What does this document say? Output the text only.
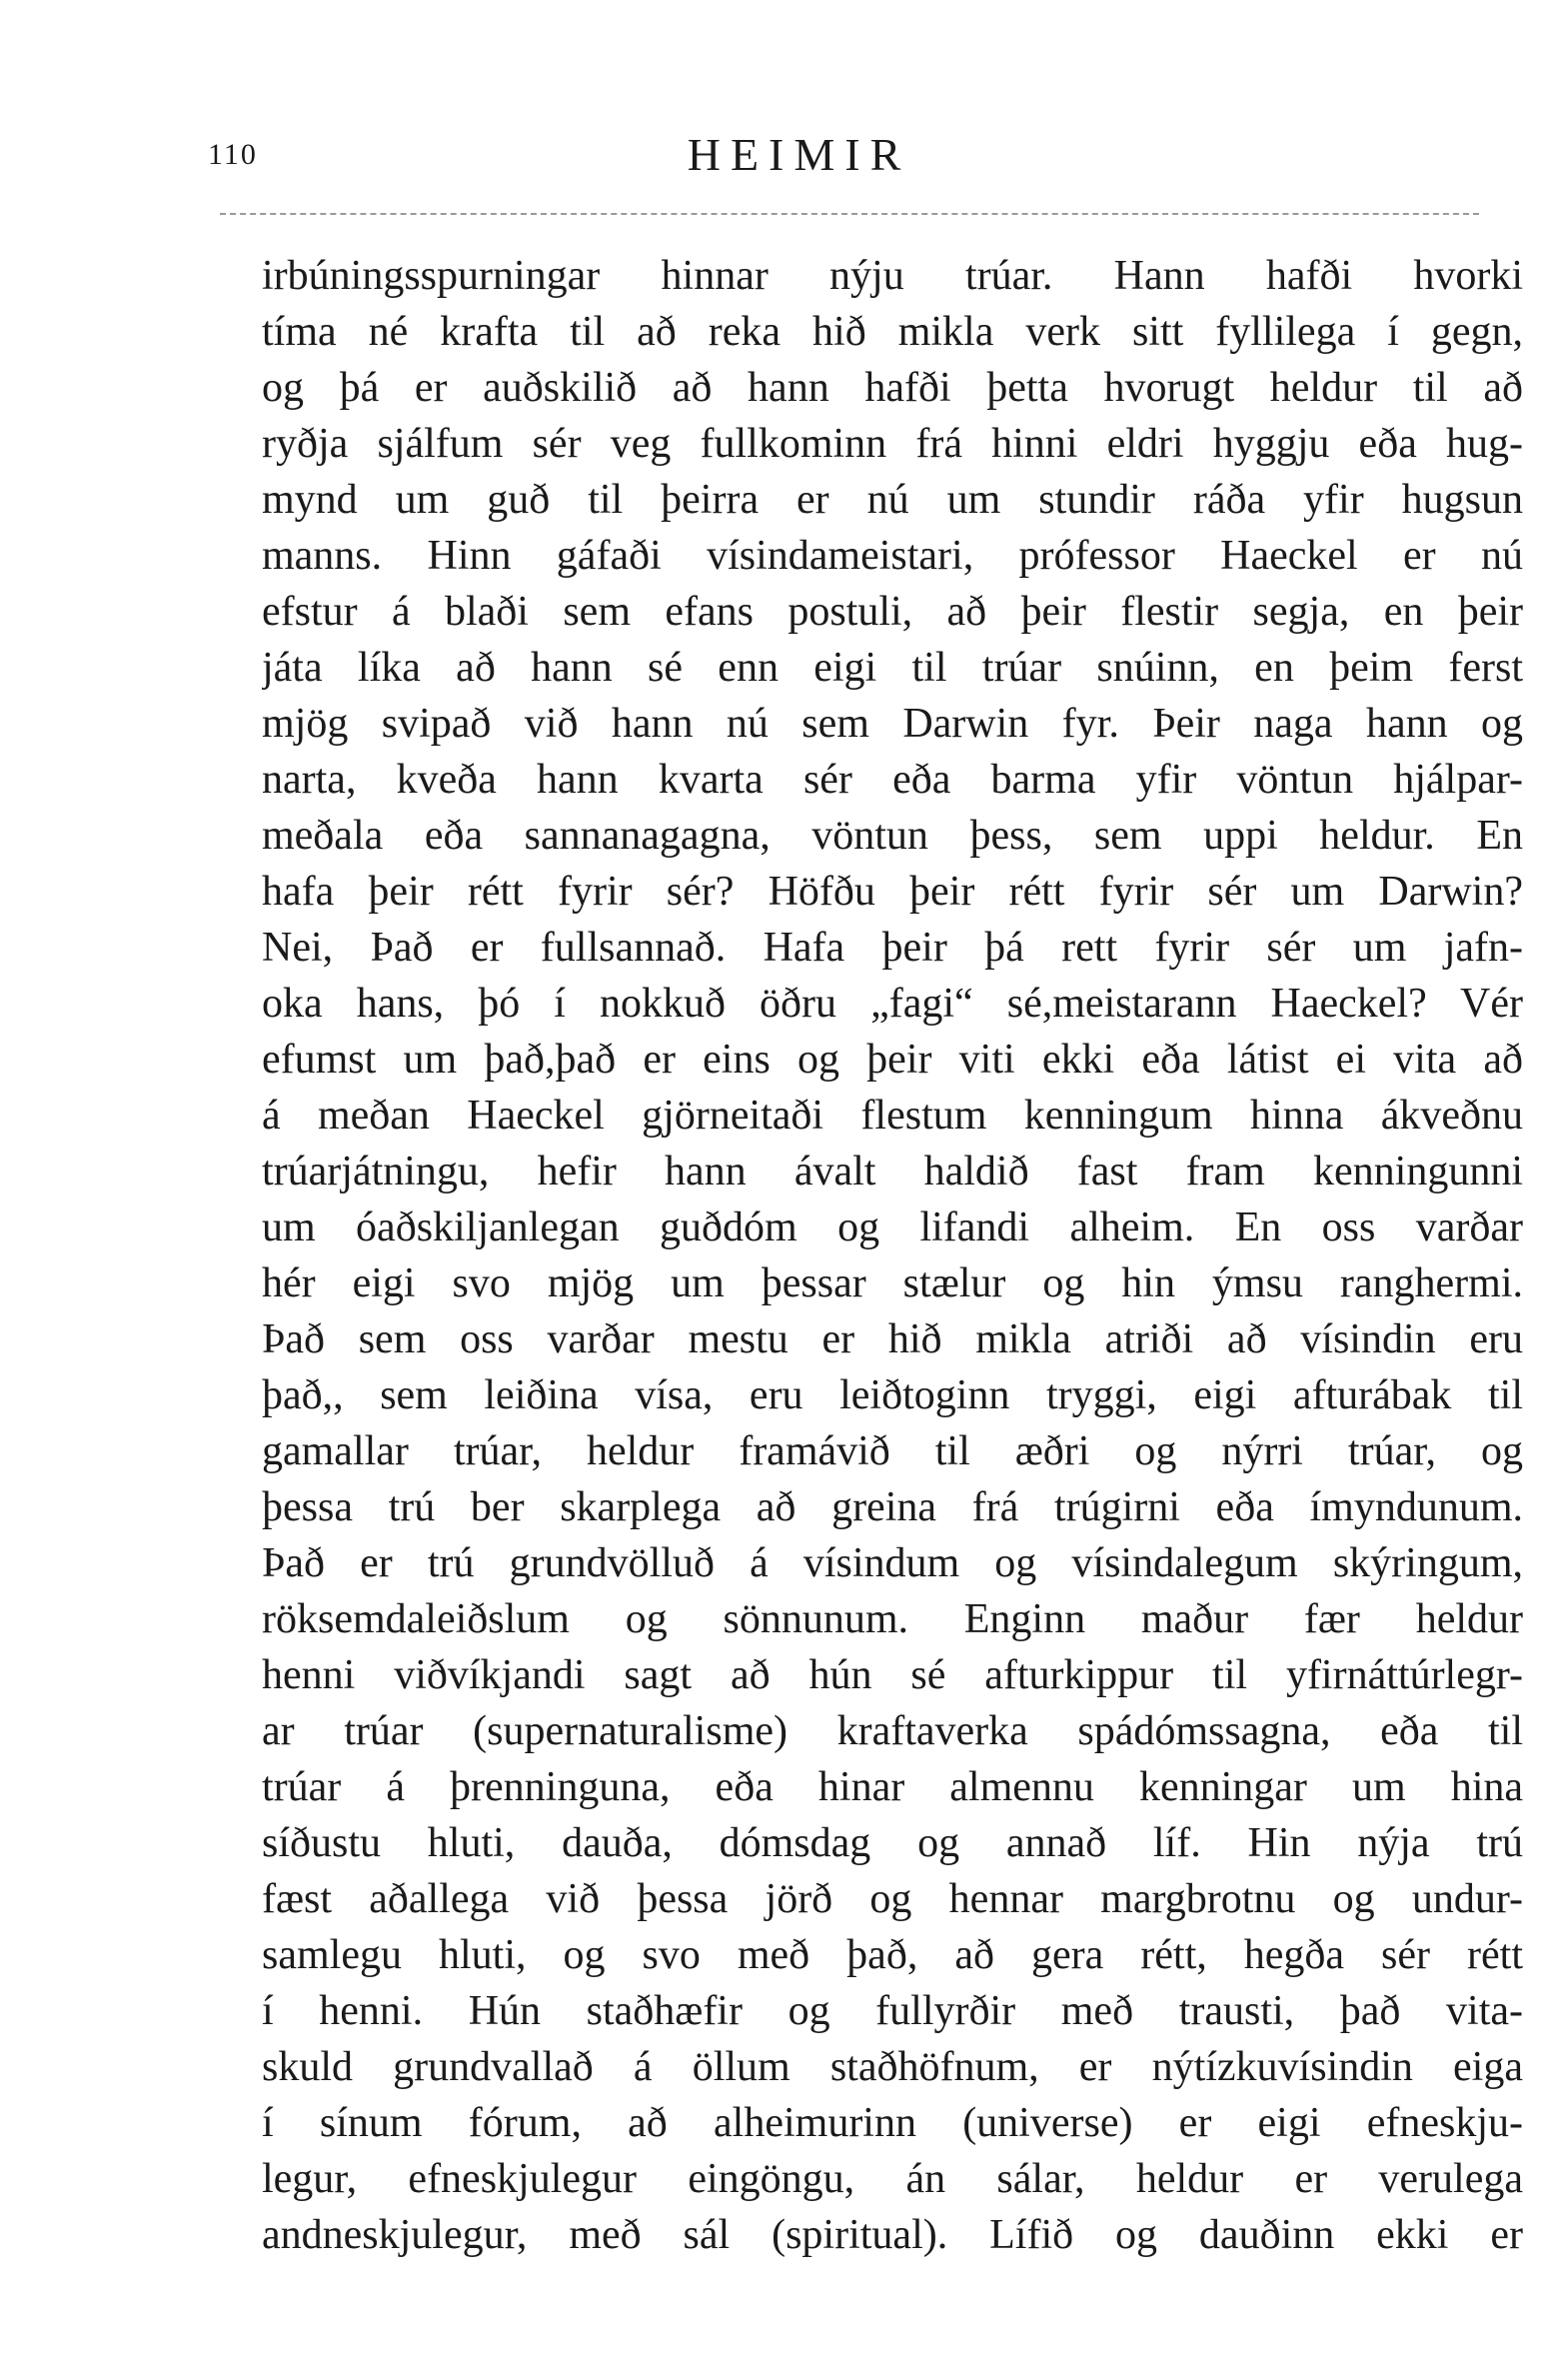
110	HEIMIR
irbúningsspurningar hinnar nýju trúar. Hann hafði hvorki
tíma né krafta til að reka hið mikla verk sitt fyllilega í gegn,
og þá er auðskilið að hann hafði þetta hvorugt heldur til að
ryðja sjálfum sér veg fullkominn frá hinni eldri hyggju eða hug-
mynd um guð til þeirra er nú um stundir ráða yfir hugsun
manns. Hinn gáfaði vísindameistari, prófessor Haeckel er nú
efstur á blaði sem efans postuli, að þeir flestir segja, en þeir
játa líka að hann sé enn eigi til trúar snúinn, en þeim ferst
mjög svipað við hann nú sem Darwin fyr. Þeir naga hann og
narta, kveða hann kvarta sér eða barma yfir vöntun hjálpar-
meðala eða sannanagagna, vöntun þess, sem uppi heldur. En
hafa þeir rétt fyrir sér? Höfðu þeir rétt fyrir sér um Darwin?
Nei, Það er fullsannað. Hafa þeir þá rett fyrir sér um jafn-
oka hans, þó í nokkuð öðru „fagi“ sé,meistarann Haeckel? Vér
efumst um það,það er eins og þeir viti ekki eða látist ei vita að
á meðan Haeckel gjörneitaði flestum kenningum hinna ákveðnu
trúarjátningu, hefir hann ávalt haldið fast fram kenningunni
um óaðskiljanlegan guðdóm og lifandi alheim. En oss varðar
hér eigi svo mjög um þessar stælur og hin ýmsu ranghermi.
Það sem oss varðar mestu er hið mikla atriði að vísindin eru
það,, sem leiðina vísa, eru leiðtoginn tryggi, eigi afturábak til
gamallar trúar, heldur framávið til æðri og nýrri trúar, og
þessa trú ber skarplega að greina frá trúgirni eða ímyndunum.
Það er trú grundvölluð á vísindum og vísindalegum skýringum,
röksemdaleiðslum og sönnunum. Enginn maður fær heldur
henni viðvíkjandi sagt að hún sé afturkippur til yfirnáttúrlegr-
ar trúar (supernaturalisme) kraftaverka spádómssagna, eða til
trúar á þrenninguna, eða hinar almennu kenningar um hina
síðustu hluti, dauða, dómsdag og annað líf. Hin nýja trú
fæst aðallega við þessa jörð og hennar margbrotnu og undur-
samlegu hluti, og svo með það, að gera rétt, hegða sér rétt
í henni. Hún staðhæfir og fullyrðir með trausti, það vita-
skuld grundvallað á öllum staðhöfnum, er nýtízkuvísindin eiga
í sínum fórum, að alheimurinn (universe) er eigi efneskju-
legur, efneskjulegur eingöngu, án sálar, heldur er verulega
andneskjulegur, með sál (spiritual). Lífið og dauðinn ekki er
